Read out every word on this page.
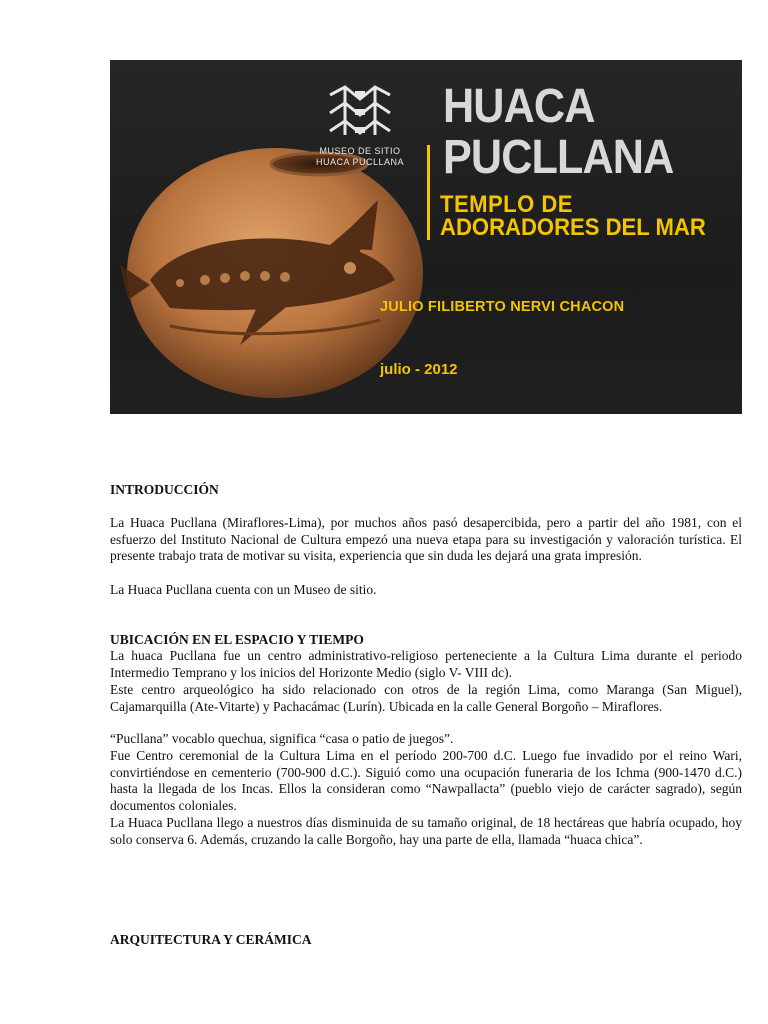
MUSEO DE SITIO
HUACA PUCLLANA
HUACA
PUCLLANA
TEMPLO DE
ADORADORES DEL MAR
JULIO FILIBERTO NERVI CHACON
julio - 2012
INTRODUCCIÓN

La Huaca Pucllana (Miraflores-Lima), por muchos años pasó desapercibida, pero a partir del año 1981, con el esfuerzo del Instituto Nacional de Cultura empezó una nueva etapa para su investigación y valoración turística. El presente trabajo trata de motivar su visita, experiencia que sin duda les dejará una grata impresión.

La Huaca Pucllana cuenta con un Museo de sitio.

UBICACIÓN EN EL ESPACIO Y TIEMPO

La huaca Pucllana fue un centro administrativo-religioso perteneciente a la Cultura Lima durante el periodo Intermedio Temprano y los inicios del Horizonte Medio (siglo V- VIII dc).

Este centro arqueológico ha sido relacionado con otros de la región Lima, como Maranga (San Miguel), Cajamarquilla (Ate-Vitarte) y Pachacámac (Lurín). Ubicada en la calle General Borgoño – Miraflores.

“Pucllana” vocablo quechua, significa “casa o patio de juegos”.

Fue Centro ceremonial de la Cultura Lima en el período 200-700 d.C. Luego fue invadido por el reino Wari, convirtiéndose en cementerio (700-900 d.C.). Siguió como una ocupación funeraria de los Ichma (900-1470 d.C.) hasta la llegada de los Incas. Ellos la consideran como “Nawpallacta” (pueblo viejo de carácter sagrado), según documentos coloniales.

La Huaca Pucllana llego a nuestros días disminuida de su tamaño original, de 18 hectáreas que habría ocupado, hoy solo conserva 6. Además, cruzando la calle Borgoño, hay una parte de ella, llamada “huaca chica”.

ARQUITECTURA Y CERÁMICA
